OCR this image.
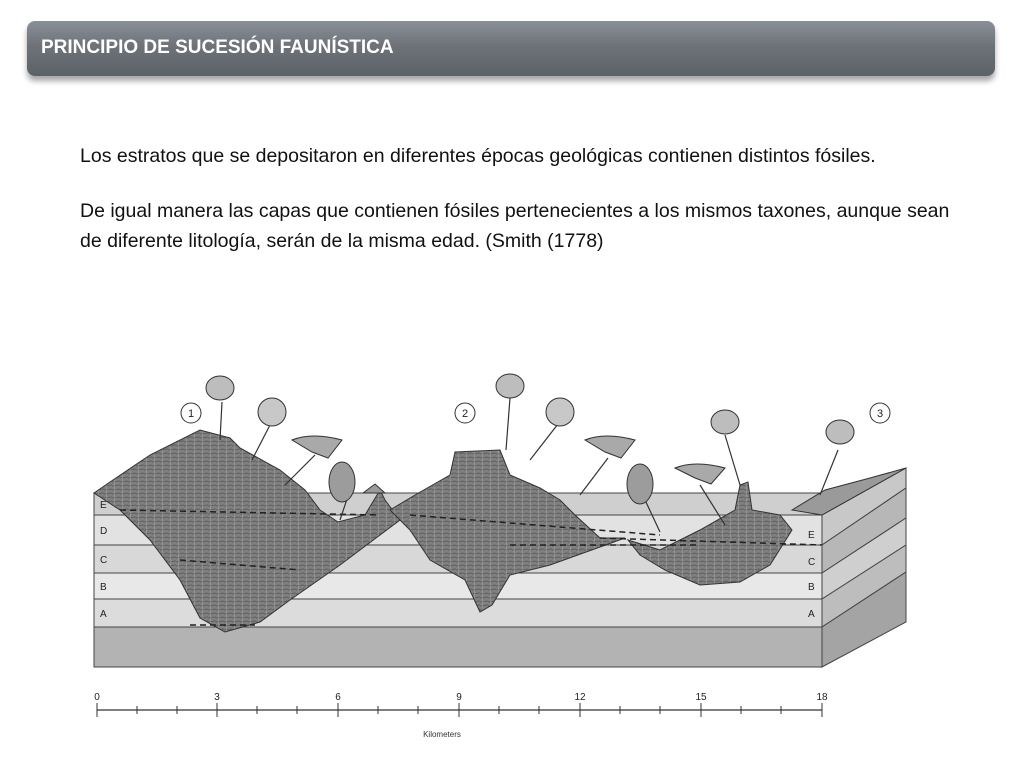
PRINCIPIO DE SUCESIÓN FAUNÍSTICA

Los estratos que se depositaron en diferentes épocas geológicas contienen distintos fósiles.

De igual manera las capas que contienen fósiles pertenecientes a los mismos taxones, aunque sean de diferente litología, serán de la misma edad. (Smith (1778)

1	2	3
E
D
C
B
A
E
C
B
A
0	3	6	9	12	15	18
Kilometers
